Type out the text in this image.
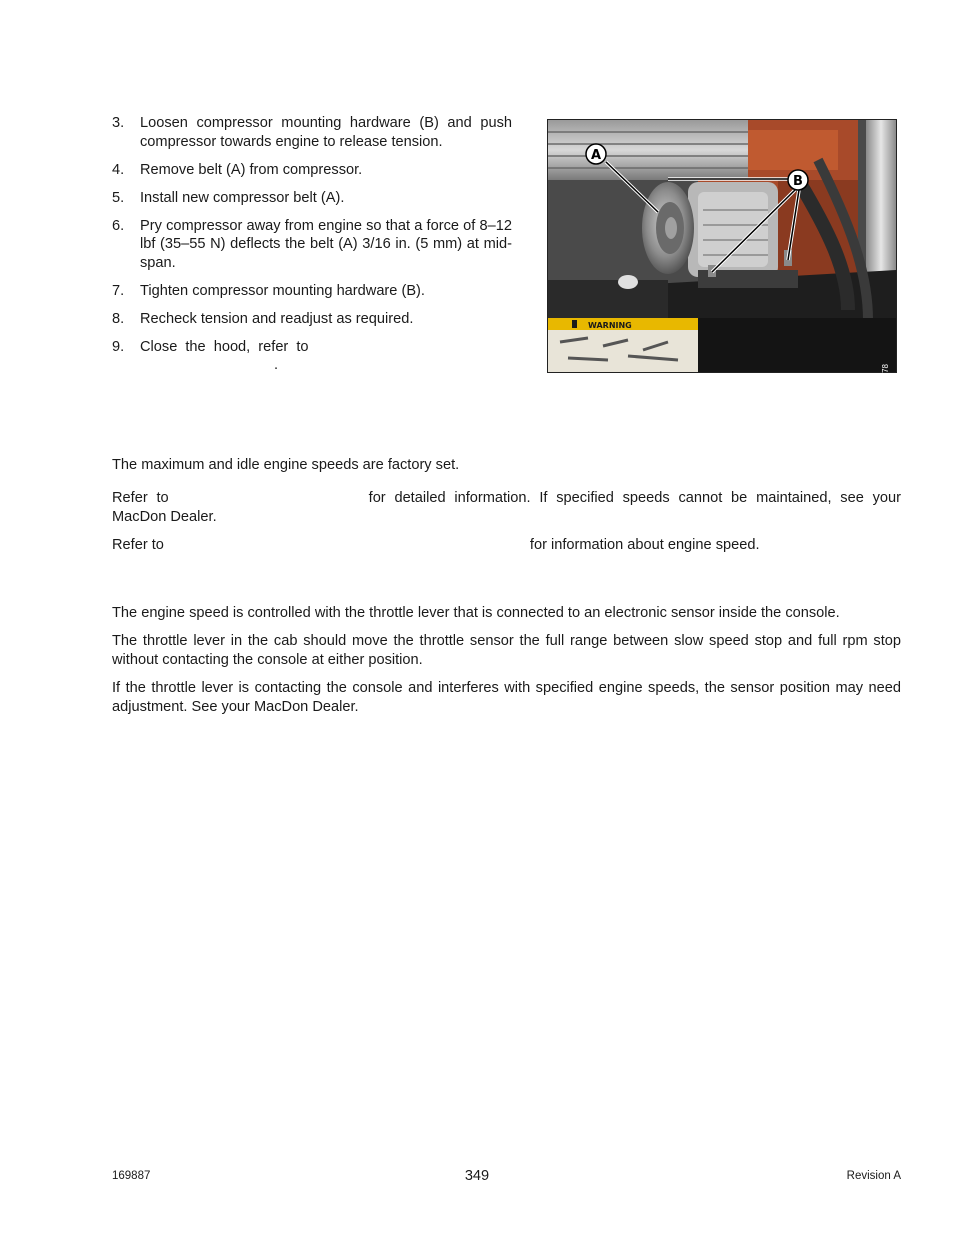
3.	Loosen compressor mounting hardware (B) and push compressor towards engine to release tension.
4.	Remove belt (A) from compressor.
5.	Install new compressor belt (A).
6.	Pry compressor away from engine so that a force of 8–12 lbf (35–55 N) deflects the belt (A) 3/16 in. (5 mm) at mid-span.
7.	Tighten compressor mounting hardware (B).
8.	Recheck tension and readjust as required.
9.	Close the hood, refer to
.
WARNING
A
B
1000078

The maximum and idle engine speeds are factory set.

Refer to	for detailed information. If specified speeds cannot be maintained, see your MacDon Dealer.

Refer to	for information about engine speed.

The engine speed is controlled with the throttle lever that is connected to an electronic sensor inside the console.

The throttle lever in the cab should move the throttle sensor the full range between slow speed stop and full rpm stop without contacting the console at either position.

If the throttle lever is contacting the console and interferes with specified engine speeds, the sensor position may need adjustment. See your MacDon Dealer.

169887	349	Revision A
